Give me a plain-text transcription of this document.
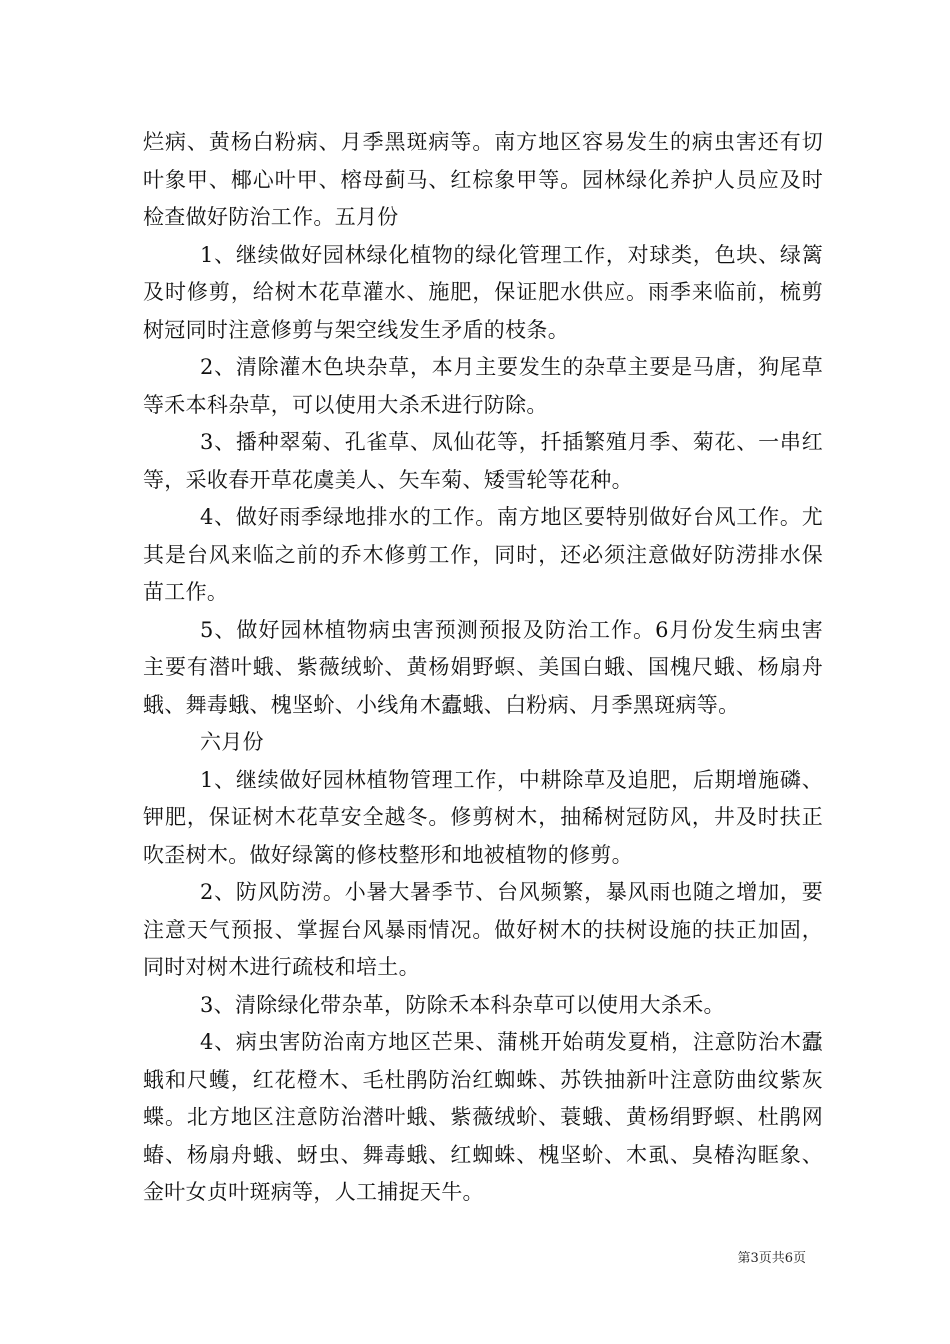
烂病、黄杨白粉病、月季黑斑病等。南方地区容易发生的病虫害还有切叶象甲、椰心叶甲、榕母蓟马、红棕象甲等。园林绿化养护人员应及时检查做好防治工作。五月份

1、继续做好园林绿化植物的绿化管理工作，对球类，色块、绿篱及时修剪，给树木花草灌水、施肥，保证肥水供应。雨季来临前，梳剪树冠同时注意修剪与架空线发生矛盾的枝条。

2、清除灌木色块杂草，本月主要发生的杂草主要是马唐，狗尾草等禾本科杂草，可以使用大杀禾进行防除。

3、播种翠菊、孔雀草、凤仙花等，扦插繁殖月季、菊花、一串红等，采收春开草花虞美人、矢车菊、矮雪轮等花种。

4、做好雨季绿地排水的工作。南方地区要特别做好台风工作。尤其是台风来临之前的乔木修剪工作，同时，还必须注意做好防涝排水保苗工作。

5、做好园林植物病虫害预测预报及防治工作。6月份发生病虫害主要有潜叶蛾、紫薇绒蚧、黄杨娟野螟、美国白蛾、国槐尺蛾、杨扇舟蛾、舞毒蛾、槐坚蚧、小线角木蠹蛾、白粉病、月季黑斑病等。

六月份

1、继续做好园林植物管理工作，中耕除草及追肥，后期增施磷、钾肥，保证树木花草安全越冬。修剪树木，抽稀树冠防风，井及时扶正吹歪树木。做好绿篱的修枝整形和地被植物的修剪。

2、防风防涝。小暑大暑季节、台风频繁，暴风雨也随之增加，要注意天气预报、掌握台风暴雨情况。做好树木的扶树设施的扶正加固，同时对树木进行疏枝和培土。

3、清除绿化带杂革，防除禾本科杂草可以使用大杀禾。

4、病虫害防治南方地区芒果、蒲桃开始萌发夏梢，注意防治木蠹蛾和尺蠖，红花橙木、毛杜鹃防治红蜘蛛、苏铁抽新叶注意防曲纹紫灰蝶。北方地区注意防治潜叶蛾、紫薇绒蚧、蓑蛾、黄杨绢野螟、杜鹃网蝽、杨扇舟蛾、蚜虫、舞毒蛾、红蜘蛛、槐坚蚧、木虱、臭椿沟眶象、金叶女贞叶斑病等，人工捕捉天牛。

第3页共6页
